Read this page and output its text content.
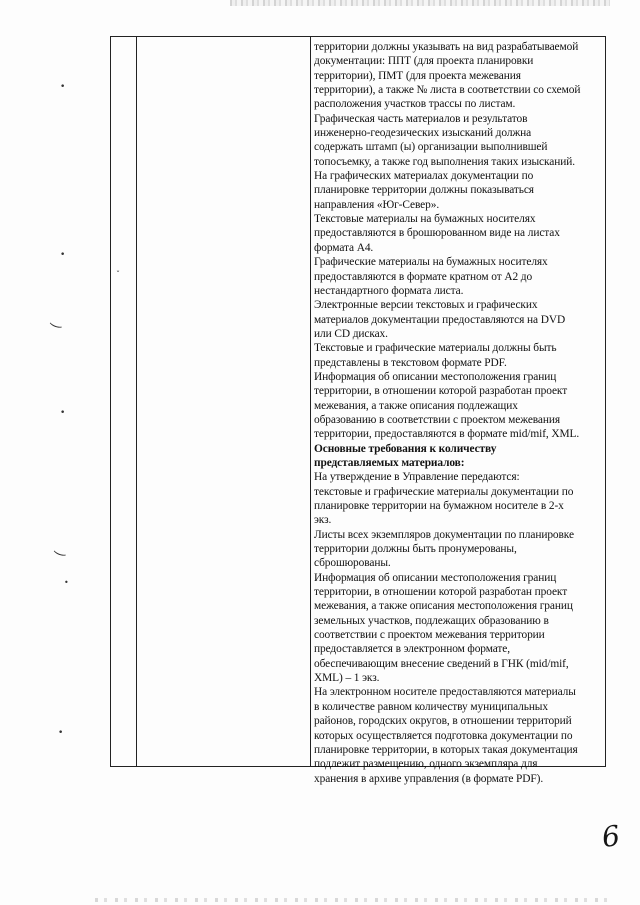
•
•
ˇ
‿
•
‿
•
•

территории должны указывать на вид разрабатываемой
документации: ППТ (для проекта планировки
территории), ПМТ (для проекта межевания
территории), а также № листа в соответствии со схемой
расположения участков трассы по листам.

Графическая часть материалов и результатов
инженерно-геодезических изысканий должна
содержать штамп (ы) организации выполнившей
топосъемку, а также год выполнения таких изысканий.

На графических материалах документации по
планировке территории должны показываться
направления «Юг-Север».

Текстовые материалы на бумажных носителях
предоставляются в брошюрованном виде на листах
формата А4.

Графические материалы на бумажных носителях
предоставляются в формате кратном от А2 до
нестандартного формата листа.

Электронные версии текстовых и графических
материалов документации предоставляются на DVD
или CD дисках.

Текстовые и графические материалы должны быть
представлены в текстовом формате PDF.

Информация об описании местоположения границ
территории, в отношении которой разработан проект
межевания, а также описания подлежащих
образованию в соответствии с проектом межевания
территории, предоставляются в формате mid/mif, XML.

Основные требования к количеству
представляемых материалов:

На утверждение в Управление передаются:
текстовые и графические материалы документации по
планировке территории на бумажном носителе в 2-х
экз.

Листы всех экземпляров документации по планировке
территории должны быть пронумерованы,
сброшюрованы.

Информация об описании местоположения границ
территории, в отношении которой разработан проект
межевания, а также описания местоположения границ
земельных участков, подлежащих образованию в
соответствии с проектом межевания территории
предоставляется в электронном формате,
обеспечивающим внесение сведений в ГНК (mid/mif,
XML) – 1 экз.

На электронном носителе предоставляются материалы
в количестве равном количеству муниципальных
районов, городских округов, в отношении территорий
которых осуществляется подготовка документации по
планировке территории, в которых такая документация
подлежит размещению, одного экземпляра для
хранения в архиве управления (в формате PDF).

6
